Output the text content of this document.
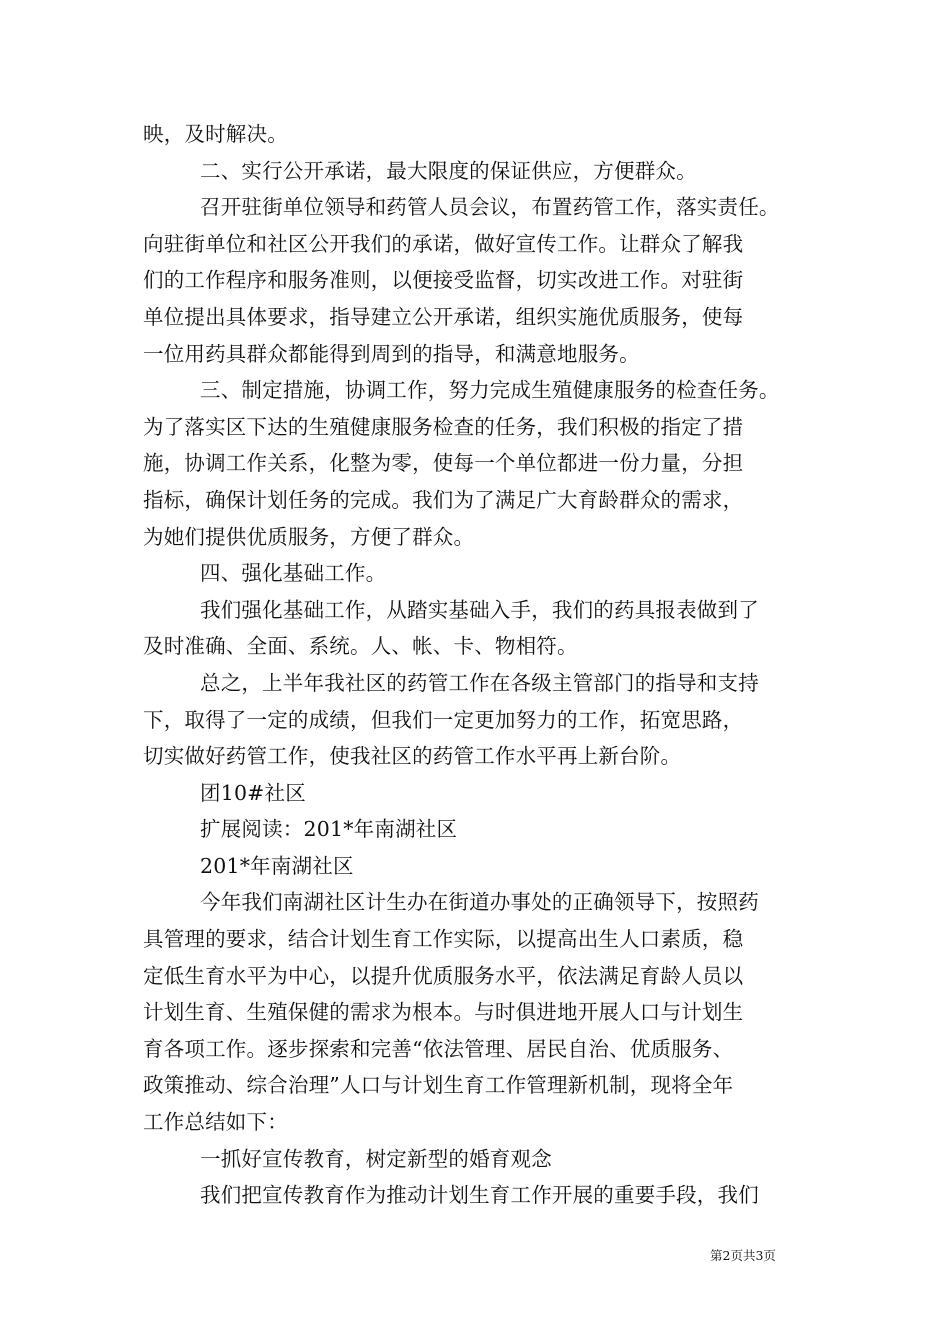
映，及时解决。
二、实行公开承诺，最大限度的保证供应，方便群众。
召开驻街单位领导和药管人员会议，布置药管工作，落实责任。
向驻街单位和社区公开我们的承诺，做好宣传工作。让群众了解我
们的工作程序和服务准则，以便接受监督，切实改进工作。对驻街
单位提出具体要求，指导建立公开承诺，组织实施优质服务，使每
一位用药具群众都能得到周到的指导，和满意地服务。
三、制定措施，协调工作，努力完成生殖健康服务的检查任务。
为了落实区下达的生殖健康服务检查的任务，我们积极的指定了措
施，协调工作关系，化整为零，使每一个单位都进一份力量，分担
指标，确保计划任务的完成。我们为了满足广大育龄群众的需求，
为她们提供优质服务，方便了群众。
四、强化基础工作。
我们强化基础工作，从踏实基础入手，我们的药具报表做到了
及时准确、全面、系统。人、帐、卡、物相符。
总之，上半年我社区的药管工作在各级主管部门的指导和支持
下，取得了一定的成绩，但我们一定更加努力的工作，拓宽思路，
切实做好药管工作，使我社区的药管工作水平再上新台阶。
团10#社区
扩展阅读：201*年南湖社区
201*年南湖社区
今年我们南湖社区计生办在街道办事处的正确领导下，按照药
具管理的要求，结合计划生育工作实际，以提高出生人口素质，稳
定低生育水平为中心，以提升优质服务水平，依法满足育龄人员以
计划生育、生殖保健的需求为根本。与时俱进地开展人口与计划生
育各项工作。逐步探索和完善“依法管理、居民自治、优质服务、
政策推动、综合治理”人口与计划生育工作管理新机制，现将全年
工作总结如下：
一抓好宣传教育，树定新型的婚育观念
我们把宣传教育作为推动计划生育工作开展的重要手段，我们
第2页共3页
